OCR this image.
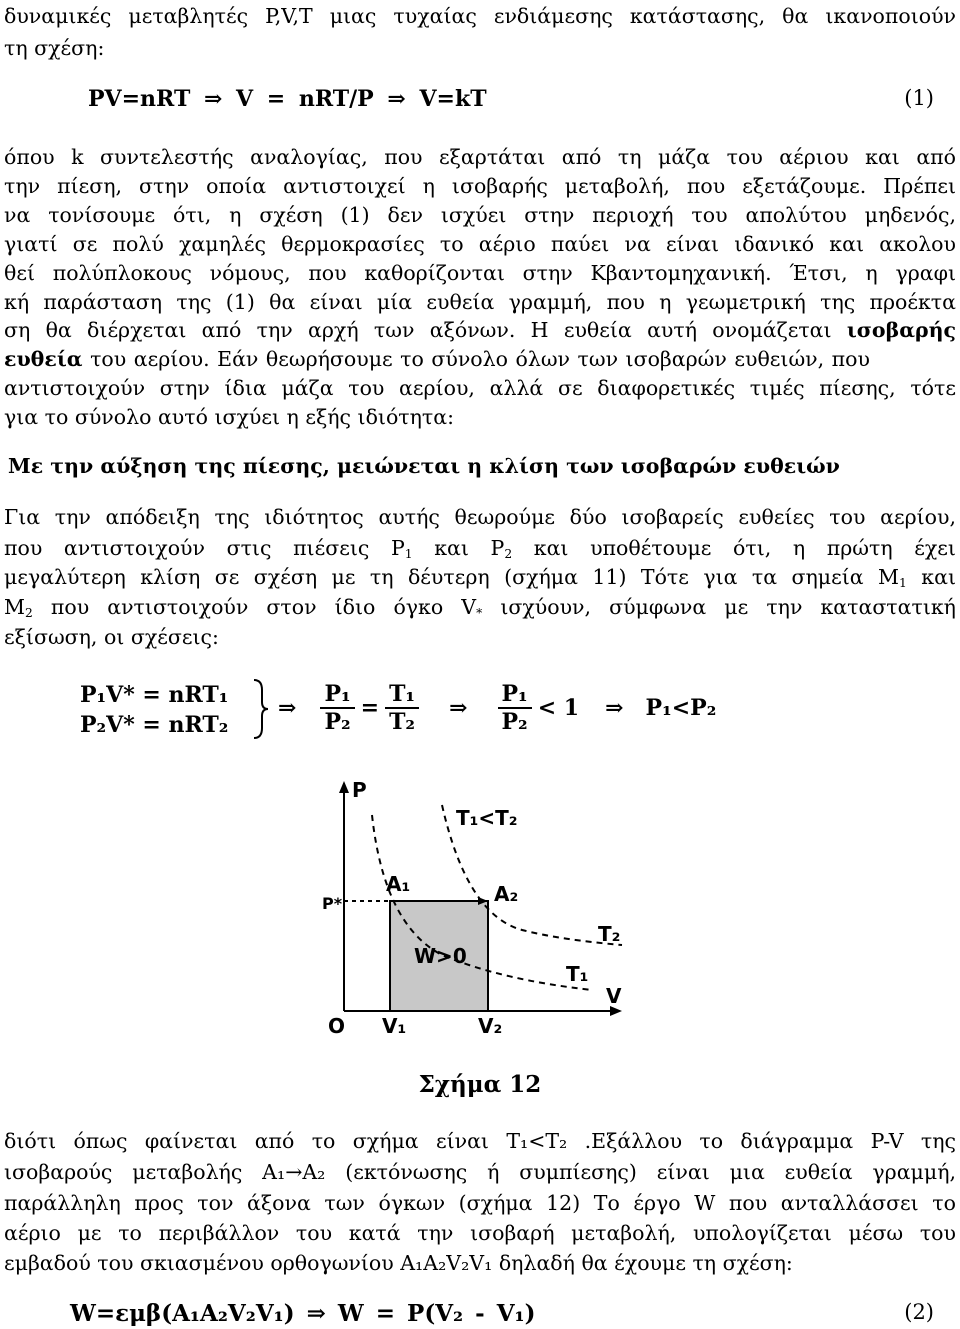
δυναμικές μεταβλητές P,V,T μιας τυχαίας ενδιάμεσης κατάστασης, θα ικανοποιούν
τη σχέση:
PV=nRT ⇒ V = nRT/P ⇒ V=kT	(1)
όπου k συντελεστής αναλογίας, που εξαρτάται από τη μάζα του αέριου και από
την πίεση, στην οποία αντιστοιχεί η ισοβαρής μεταβολή, που εξετάζουμε. Πρέπει
να τονίσουμε ότι, η σχέση (1) δεν ισχύει στην περιοχή του απολύτου μηδενός,
γιατί σε πολύ χαμηλές θερμοκρασίες το αέριο παύει να είναι ιδανικό και ακολου
θεί πολύπλοκους νόμους, που καθορίζονται στην Κβαντομηχανική. Έτσι, η γραφι
κή παράσταση της (1) θα είναι μία ευθεία γραμμή, που η γεωμετρική της προέκτα
ση θα διέρχεται από την αρχή των αξόνων. Η ευθεία αυτή ονομάζεται ισοβαρής
ευθεία του αερίου. Εάν θεωρήσουμε το σύνολο όλων των ισοβαρών ευθειών, που
αντιστοιχούν στην ίδια μάζα του αερίου, αλλά σε διαφορετικές τιμές πίεσης, τότε
για το σύνολο αυτό ισχύει η εξής ιδιότητα:
Με την αύξηση της πίεσης, μειώνεται η κλίση των ισοβαρών ευθειών
Για την απόδειξη της ιδιότητος αυτής θεωρούμε δύο ισοβαρείς ευθείες του αερίου,
που αντιστοιχούν στις πιέσεις $P_1$ και $P_2$ και υποθέτουμε ότι, η πρώτη έχει
μεγαλύτερη κλίση σε σχέση με τη δέυτερη (σχήμα 11) Τότε για τα σημεία $M_1$ και
$M_2$ που αντιστοιχούν στον ίδιο όγκο $V_*$ ισχύουν, σύμφωνα με την καταστατική
εξίσωση, οι σχέσεις:
P₁V* = nRT₁
P₂V* = nRT₂
⇒ $\frac{\text{P₁}}{\text{P₂}} = \frac{\text{T₁}}{\text{T₂}}$ ⇒ $\frac{\text{P₁}}{\text{P₂}} < 1$ ⇒ P₁<P₂
P
V
O
P*
A₁	A₂
T₁<T₂
T₂
T₁
W>0
V₁	V₂
Σχήμα 12
διότι όπως φαίνεται από το σχήμα είναι T₁<T₂ .Εξάλλου το διάγραμμα P-V της
ισοβαρούς μεταβολής A₁→A₂ (εκτόνωσης ή συμπίεσης) είναι μια ευθεία γραμμή,
παράλληλη προς τον άξονα των όγκων (σχήμα 12) Το έργο W που ανταλλάσσει το
αέριο με το περιβάλλον του κατά την ισοβαρή μεταβολή, υπολογίζεται μέσω του
εμβαδού του σκιασμένου ορθογωνίου A₁A₂V₂V₁ δηλαδή θα έχουμε τη σχέση:
W=εμβ(A₁A₂V₂V₁) ⇒ W = P(V₂ - V₁)	(2)
